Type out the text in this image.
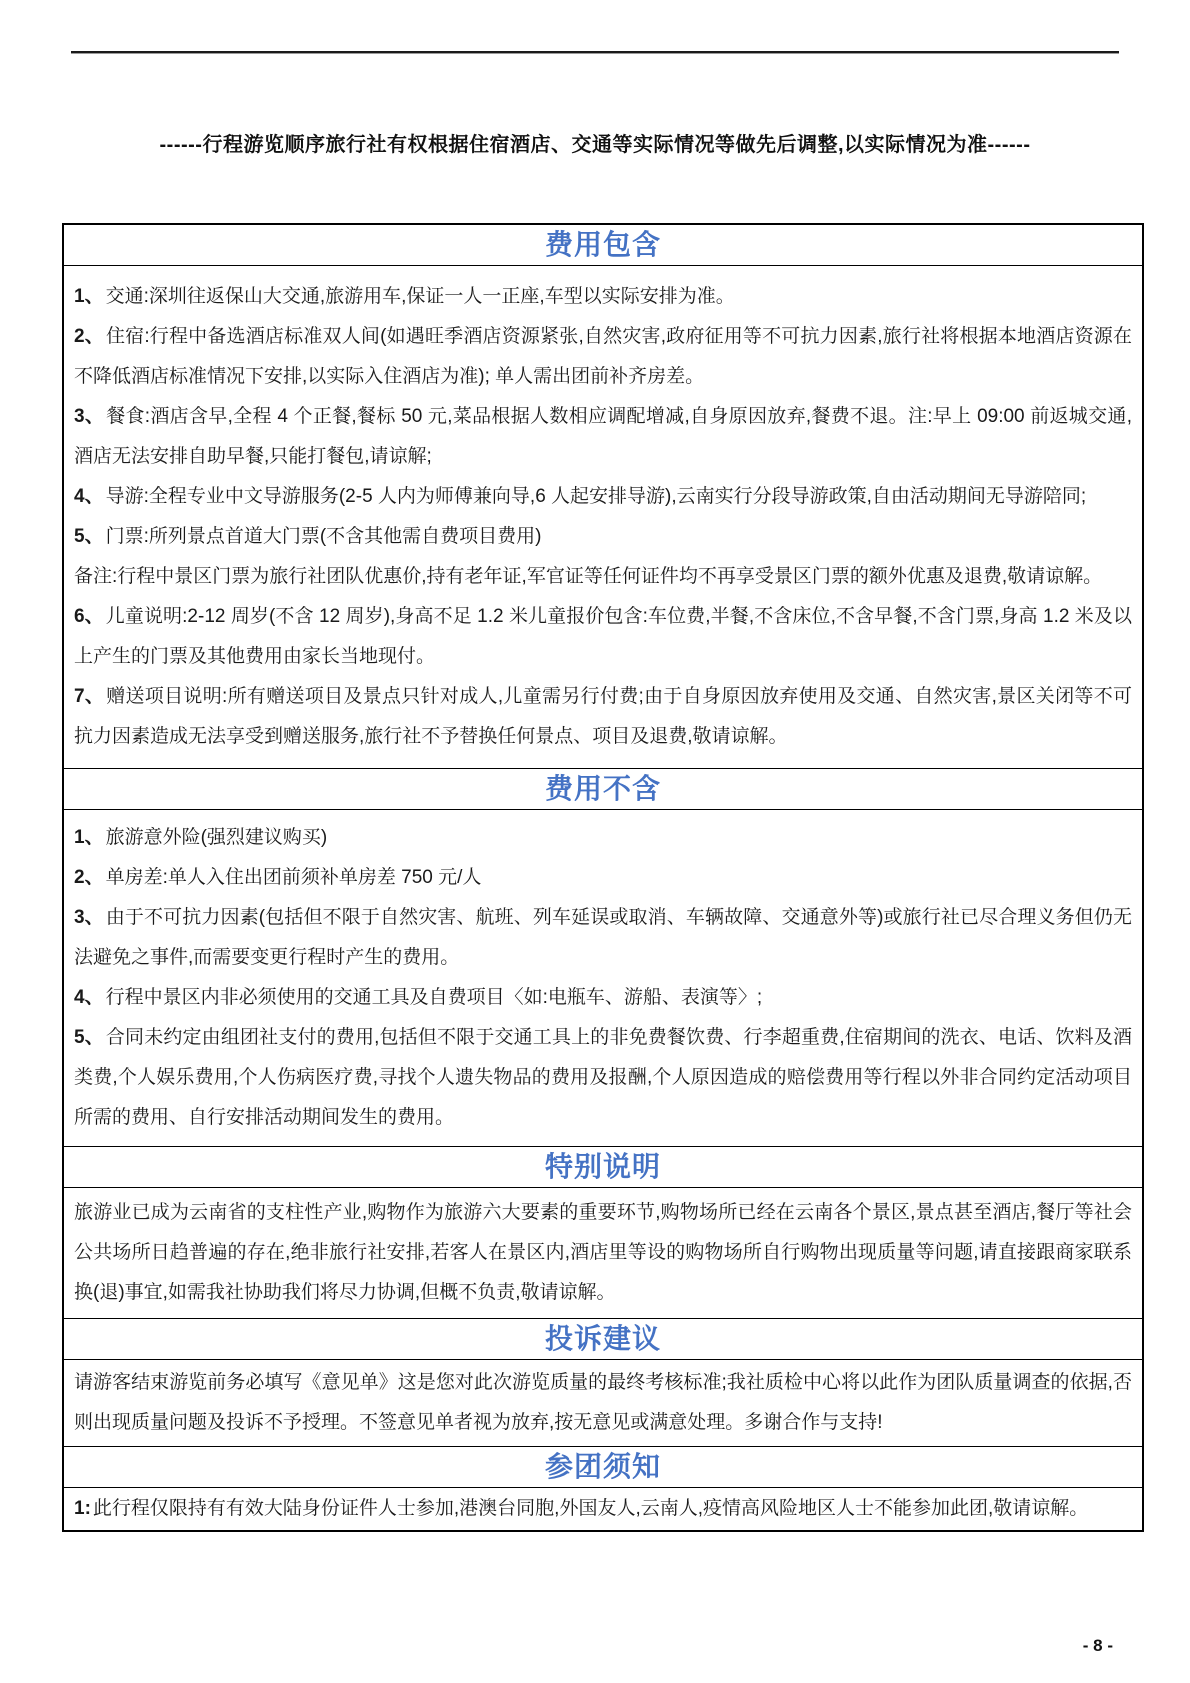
------行程游览顺序旅行社有权根据住宿酒店、交通等实际情况等做先后调整,以实际情况为准------
费用包含

1、 交通:深圳往返保山大交通,旅游用车,保证一人一正座,车型以实际安排为准。

2、 住宿:行程中备选酒店标准双人间(如遇旺季酒店资源紧张,自然灾害,政府征用等不可抗力因素,旅行社将根据本地酒店资源在不降低酒店标准情况下安排,以实际入住酒店为准); 单人需出团前补齐房差。

3、 餐食:酒店含早,全程 4 个正餐,餐标 50 元,菜品根据人数相应调配增减,自身原因放弃,餐费不退。注:早上 09:00 前返城交通,酒店无法安排自助早餐,只能打餐包,请谅解;

4、 导游:全程专业中文导游服务(2-5 人内为师傅兼向导,6 人起安排导游),云南实行分段导游政策,自由活动期间无导游陪同;

5、 门票:所列景点首道大门票(不含其他需自费项目费用)

备注:行程中景区门票为旅行社团队优惠价,持有老年证,军官证等任何证件均不再享受景区门票的额外优惠及退费,敬请谅解。

6、 儿童说明:2-12 周岁(不含 12 周岁),身高不足 1.2 米儿童报价包含:车位费,半餐,不含床位,不含早餐,不含门票,身高 1.2 米及以上产生的门票及其他费用由家长当地现付。

7、 赠送项目说明:所有赠送项目及景点只针对成人,儿童需另行付费;由于自身原因放弃使用及交通、自然灾害,景区关闭等不可抗力因素造成无法享受到赠送服务,旅行社不予替换任何景点、项目及退费,敬请谅解。

费用不含

1、 旅游意外险(强烈建议购买)

2、 单房差:单人入住出团前须补单房差 750 元/人

3、 由于不可抗力因素(包括但不限于自然灾害、航班、列车延误或取消、车辆故障、交通意外等)或旅行社已尽合理义务但仍无法避免之事件,而需要变更行程时产生的费用。

4、 行程中景区内非必须使用的交通工具及自费项目〈如:电瓶车、游船、表演等〉;

5、 合同未约定由组团社支付的费用,包括但不限于交通工具上的非免费餐饮费、行李超重费,住宿期间的洗衣、电话、饮料及酒类费,个人娱乐费用,个人伤病医疗费,寻找个人遗失物品的费用及报酬,个人原因造成的赔偿费用等行程以外非合同约定活动项目所需的费用、自行安排活动期间发生的费用。

特别说明

旅游业已成为云南省的支柱性产业,购物作为旅游六大要素的重要环节,购物场所已经在云南各个景区,景点甚至酒店,餐厅等社会公共场所日趋普遍的存在,绝非旅行社安排,若客人在景区内,酒店里等设的购物场所自行购物出现质量等问题,请直接跟商家联系换(退)事宜,如需我社协助我们将尽力协调,但概不负责,敬请谅解。

投诉建议

请游客结束游览前务必填写《意见单》这是您对此次游览质量的最终考核标准;我社质检中心将以此作为团队质量调查的依据,否则出现质量问题及投诉不予授理。不签意见单者视为放弃,按无意见或满意处理。多谢合作与支持!

参团须知

1: 此行程仅限持有有效大陆身份证件人士参加,港澳台同胞,外国友人,云南人,疫情高风险地区人士不能参加此团,敬请谅解。

- 8 -
